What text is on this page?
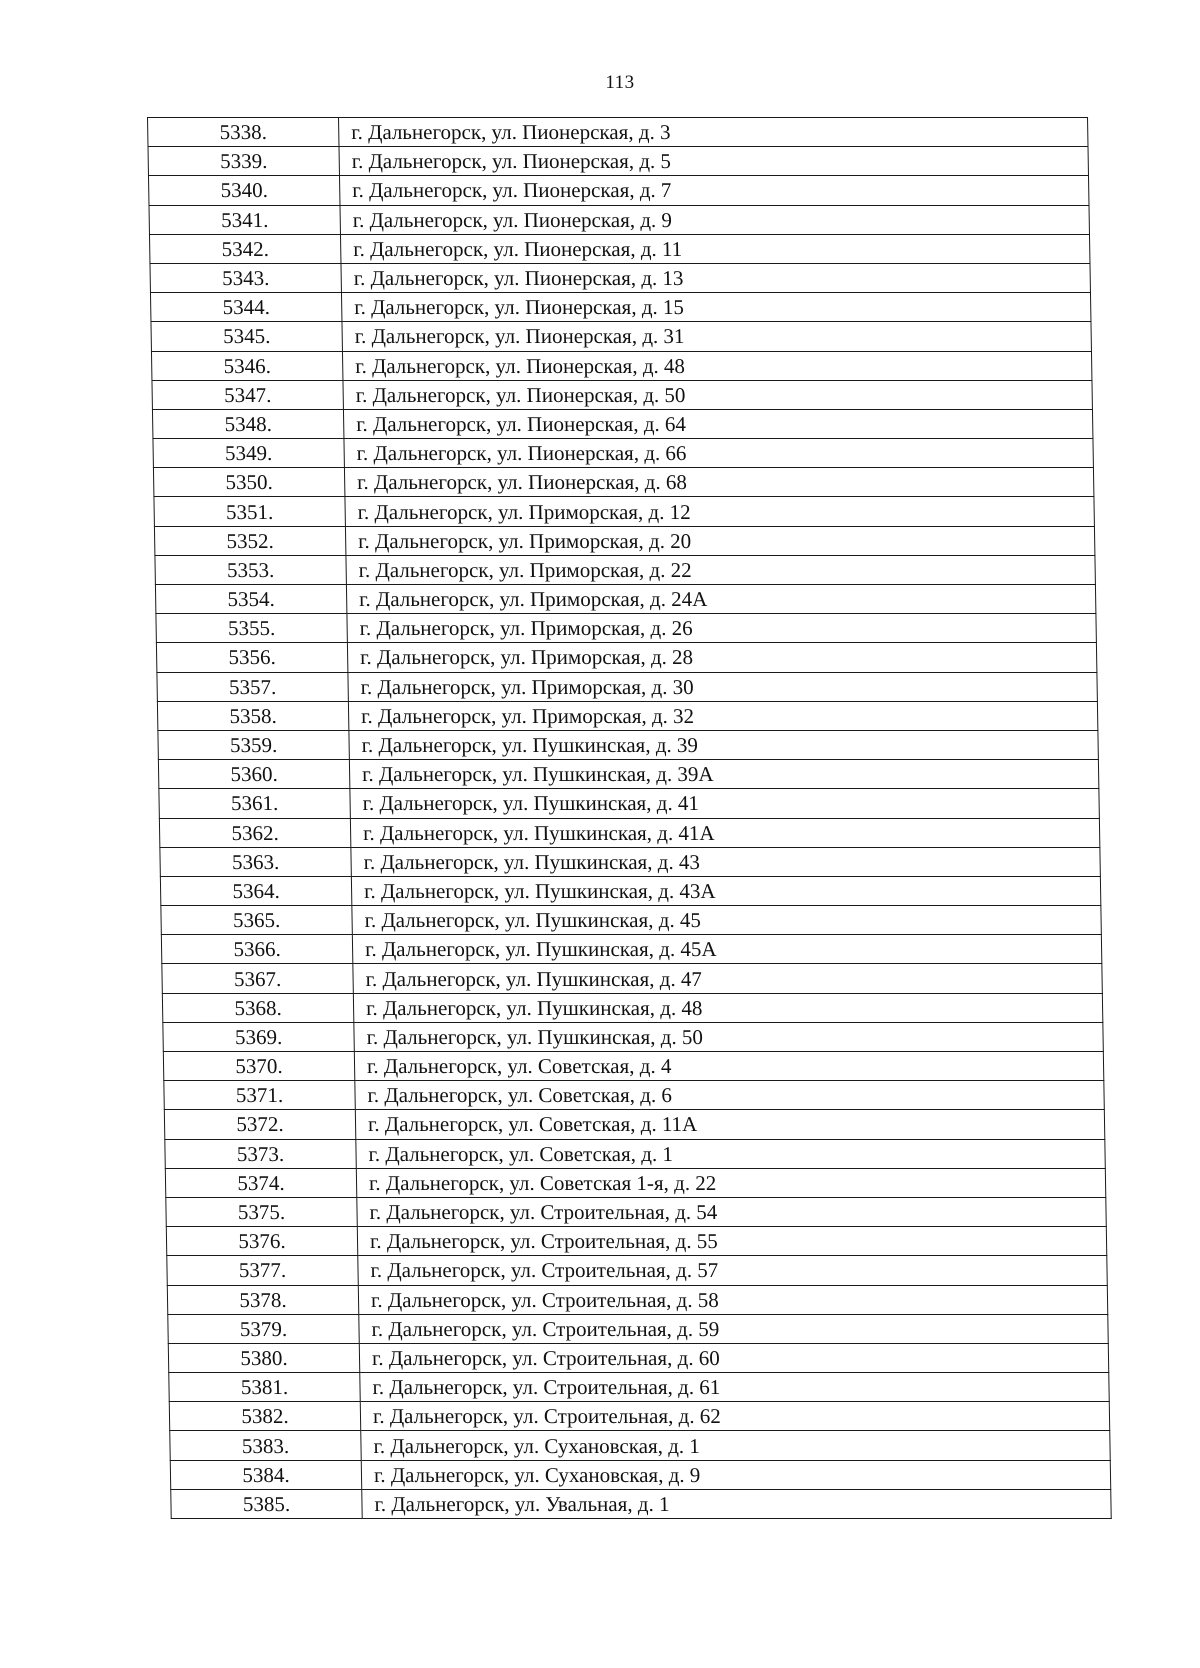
113
5338.	г. Дальнегорск, ул. Пионерская, д. 3
5339.	г. Дальнегорск, ул. Пионерская, д. 5
5340.	г. Дальнегорск, ул. Пионерская, д. 7
5341.	г. Дальнегорск, ул. Пионерская, д. 9
5342.	г. Дальнегорск, ул. Пионерская, д. 11
5343.	г. Дальнегорск, ул. Пионерская, д. 13
5344.	г. Дальнегорск, ул. Пионерская, д. 15
5345.	г. Дальнегорск, ул. Пионерская, д. 31
5346.	г. Дальнегорск, ул. Пионерская, д. 48
5347.	г. Дальнегорск, ул. Пионерская, д. 50
5348.	г. Дальнегорск, ул. Пионерская, д. 64
5349.	г. Дальнегорск, ул. Пионерская, д. 66
5350.	г. Дальнегорск, ул. Пионерская, д. 68
5351.	г. Дальнегорск, ул. Приморская, д. 12
5352.	г. Дальнегорск, ул. Приморская, д. 20
5353.	г. Дальнегорск, ул. Приморская, д. 22
5354.	г. Дальнегорск, ул. Приморская, д. 24А
5355.	г. Дальнегорск, ул. Приморская, д. 26
5356.	г. Дальнегорск, ул. Приморская, д. 28
5357.	г. Дальнегорск, ул. Приморская, д. 30
5358.	г. Дальнегорск, ул. Приморская, д. 32
5359.	г. Дальнегорск, ул. Пушкинская, д. 39
5360.	г. Дальнегорск, ул. Пушкинская, д. 39А
5361.	г. Дальнегорск, ул. Пушкинская, д. 41
5362.	г. Дальнегорск, ул. Пушкинская, д. 41А
5363.	г. Дальнегорск, ул. Пушкинская, д. 43
5364.	г. Дальнегорск, ул. Пушкинская, д. 43А
5365.	г. Дальнегорск, ул. Пушкинская, д. 45
5366.	г. Дальнегорск, ул. Пушкинская, д. 45А
5367.	г. Дальнегорск, ул. Пушкинская, д. 47
5368.	г. Дальнегорск, ул. Пушкинская, д. 48
5369.	г. Дальнегорск, ул. Пушкинская, д. 50
5370.	г. Дальнегорск, ул. Советская, д. 4
5371.	г. Дальнегорск, ул. Советская, д. 6
5372.	г. Дальнегорск, ул. Советская, д. 11А
5373.	г. Дальнегорск, ул. Советская, д. 1
5374.	г. Дальнегорск, ул. Советская 1-я, д. 22
5375.	г. Дальнегорск, ул. Строительная, д. 54
5376.	г. Дальнегорск, ул. Строительная, д. 55
5377.	г. Дальнегорск, ул. Строительная, д. 57
5378.	г. Дальнегорск, ул. Строительная, д. 58
5379.	г. Дальнегорск, ул. Строительная, д. 59
5380.	г. Дальнегорск, ул. Строительная, д. 60
5381.	г. Дальнегорск, ул. Строительная, д. 61
5382.	г. Дальнегорск, ул. Строительная, д. 62
5383.	г. Дальнегорск, ул. Сухановская, д. 1
5384.	г. Дальнегорск, ул. Сухановская, д. 9
5385.	г. Дальнегорск, ул. Увальная, д. 1
